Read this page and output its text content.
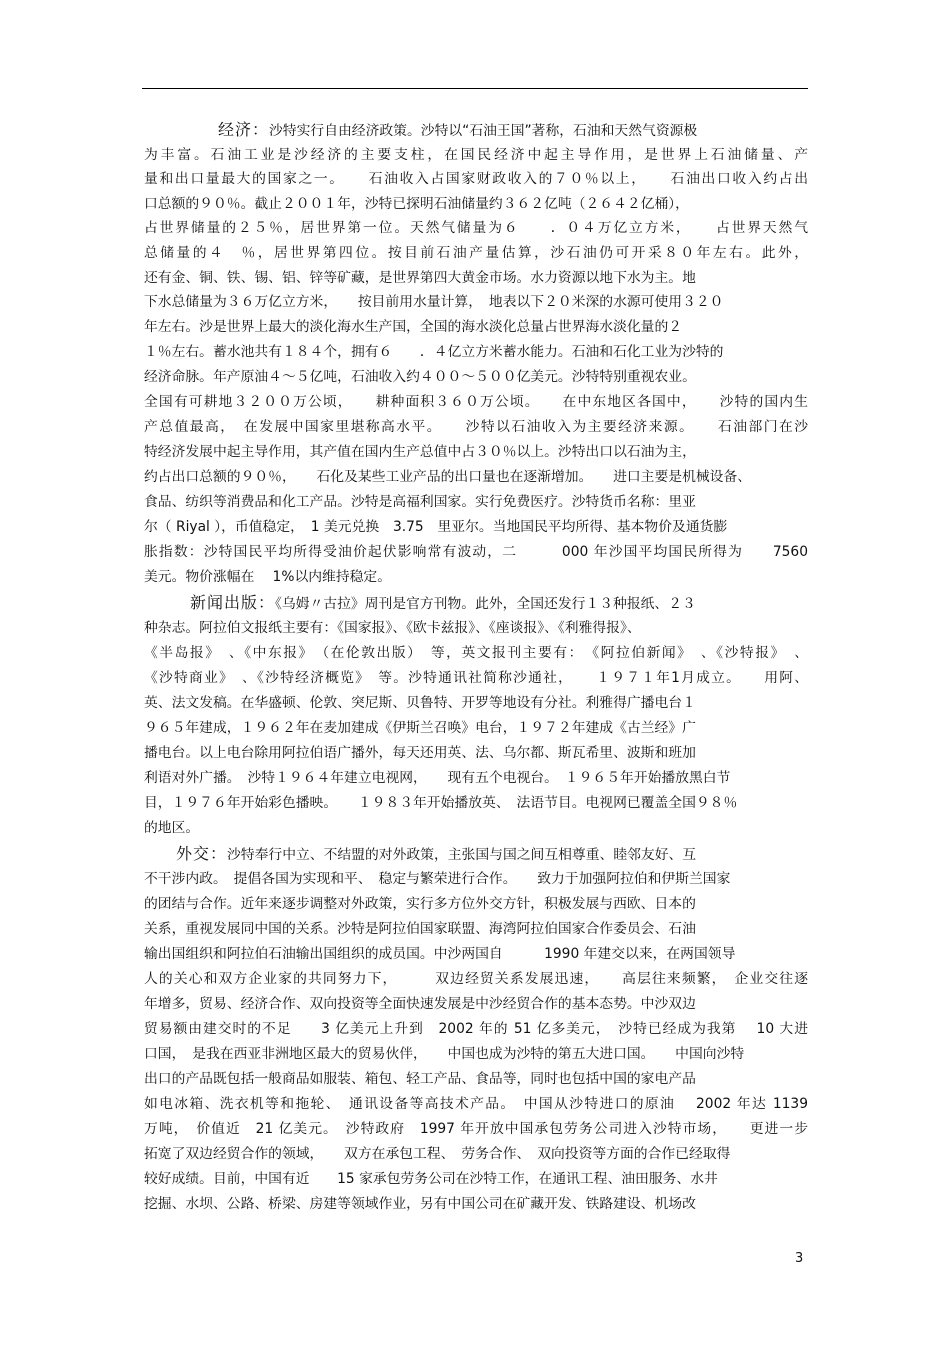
经济：沙特实行自由经济政策。沙特以“石油王国”著称，石油和天然气资源极
为丰富。石油工业是沙经济的主要支柱，在国民经济中起主导作用，是世界上石油储量、产
量和出口量最大的国家之一。　　石油收入占国家财政收入的７０％以上，　　石油出口收入约占出
口总额的９０％。截止２００１年，沙特已探明石油储量约３６２亿吨（２６４２亿桶），
占世界储量的２５％，居世界第一位。天然气储量为６　　．０４万亿立方米，　　占世界天然气
总储量的４　％，居世界第四位。按目前石油产量估算，沙石油仍可开采８０年左右。此外，
还有金、铜、铁、锡、铝、锌等矿藏，是世界第四大黄金市场。水力资源以地下水为主。地
下水总储量为３６万亿立方米，　　按目前用水量计算，　地表以下２０米深的水源可使用３２０
年左右。沙是世界上最大的淡化海水生产国，全国的海水淡化总量占世界海水淡化量的２
１％左右。蓄水池共有１８４个，拥有６　　．４亿立方米蓄水能力。石油和石化工业为沙特的
经济命脉。年产原油４～５亿吨，石油收入约４００～５００亿美元。沙特特别重视农业。
全国有可耕地３２００万公顷，　　耕种面积３６０万公顷。　　在中东地区各国中，　　沙特的国内生
产总值最高，　在发展中国家里堪称高水平。　　沙特以石油收入为主要经济来源。　　石油部门在沙
特经济发展中起主导作用，其产值在国内生产总值中占３０％以上。沙特出口以石油为主，
约占出口总额的９０％，　　石化及某些工业产品的出口量也在逐渐增加。　　进口主要是机械设备、
食品、纺织等消费品和化工产品。沙特是高福利国家。实行免费医疗。沙特货币名称：里亚
尔（ Riyal ），币值稳定，　1 美元兑换　3.75　里亚尔。当地国民平均所得、基本物价及通货膨
胀指数：沙特国民平均所得受油价起伏影响常有波动，二　　　000 年沙国平均国民所得为　　7560
美元。物价涨幅在　 1%以内维持稳定。
新闻出版：《乌姆〃古拉》周刊是官方刊物。此外，全国还发行１３种报纸、２３
种杂志。阿拉伯文报纸主要有：《国家报》、《欧卡兹报》、《座谈报》、《利雅得报》、
《半岛报》　、《中东报》　（在伦敦出版）　等，英文报刊主要有：　《阿拉伯新闻》　、《沙特报》　、
《沙特商业》　、《沙特经济概览》　等。沙特通讯社简称沙通社，　　１９７１年1月成立。　　用阿、
英、法文发稿。在华盛顿、伦敦、突尼斯、贝鲁特、开罗等地设有分社。利雅得广播电台１
９６５年建成，１９６２年在麦加建成《伊斯兰召唤》电台，１９７２年建成《古兰经》广
播电台。以上电台除用阿拉伯语广播外，每天还用英、法、乌尔都、斯瓦希里、波斯和班加
利语对外广播。　沙特１９６４年建立电视网，　　现有五个电视台。　１９６５年开始播放黑白节
目，１９７６年开始彩色播映。　　１９８３年开始播放英、　法语节目。电视网已覆盖全国９８％
的地区。
外交：沙特奉行中立、不结盟的对外政策，主张国与国之间互相尊重、睦邻友好、互
不干涉内政。　提倡各国为实现和平、　稳定与繁荣进行合作。　　致力于加强阿拉伯和伊斯兰国家
的团结与合作。近年来逐步调整对外政策，实行多方位外交方针，积极发展与西欧、日本的
关系，重视发展同中国的关系。沙特是阿拉伯国家联盟、海湾阿拉伯国家合作委员会、石油
输出国组织和阿拉伯石油输出国组织的成员国。中沙两国自　　　1990 年建交以来，在两国领导
人的关心和双方企业家的共同努力下，　　　双边经贸关系发展迅速，　　高层往来频繁，　企业交往逐
年增多，贸易、经济合作、双向投资等全面快速发展是中沙经贸合作的基本态势。中沙双边
贸易额由建交时的不足　　3 亿美元上升到　2002 年的 51 亿多美元，　沙特已经成为我第　 10 大进
口国，　是我在西亚非洲地区最大的贸易伙伴，　　中国也成为沙特的第五大进口国。　　中国向沙特
出口的产品既包括一般商品如服装、箱包、轻工产品、食品等，同时也包括中国的家电产品
如电冰箱、洗衣机等和拖轮、　通讯设备等高技术产品。　中国从沙特进口的原油　 2002 年达 1139
万吨，　价值近　21 亿美元。　沙特政府　1997 年开放中国承包劳务公司进入沙特市场，　　更进一步
拓宽了双边经贸合作的领域，　　双方在承包工程、　劳务合作、　双向投资等方面的合作已经取得
较好成绩。目前，中国有近　　15 家承包劳务公司在沙特工作，在通讯工程、油田服务、水井
挖掘、水坝、公路、桥梁、房建等领域作业，另有中国公司在矿藏开发、铁路建设、机场改
3
